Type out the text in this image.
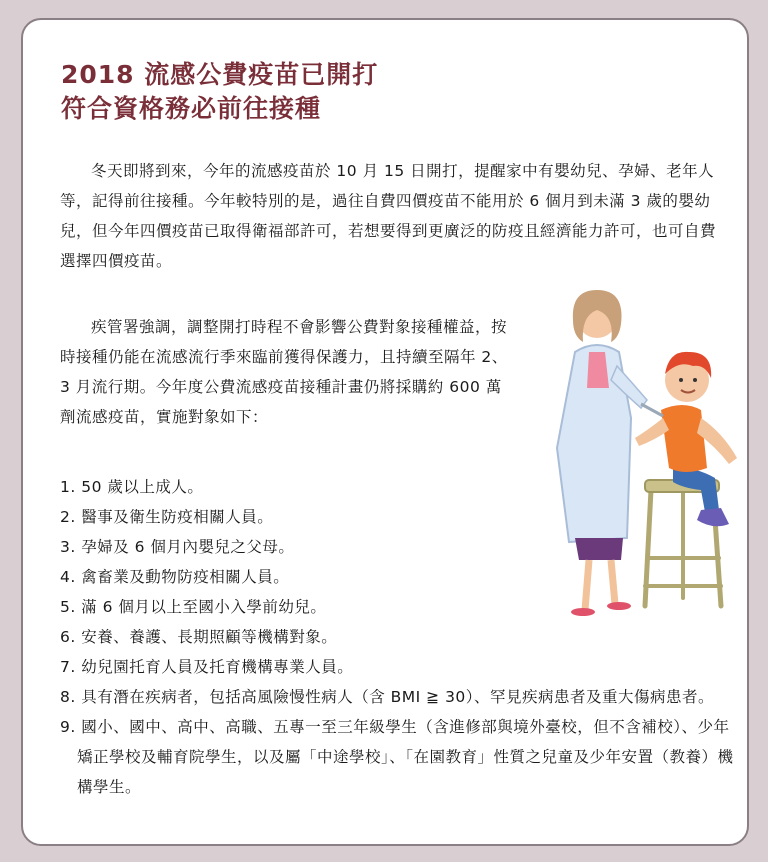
2018 流感公費疫苗已開打
符合資格務必前往接種

冬天即將到來，今年的流感疫苗於 10 月 15 日開打，提醒家中有嬰幼兒、孕婦、老年人等，記得前往接種。今年較特別的是，過往自費四價疫苗不能用於 6 個月到未滿 3 歲的嬰幼兒，但今年四價疫苗已取得衛福部許可，若想要得到更廣泛的防疫且經濟能力許可，也可自費選擇四價疫苗。

疾管署強調，調整開打時程不會影響公費對象接種權益，按時接種仍能在流感流行季來臨前獲得保護力，且持續至隔年 2、3 月流行期。今年度公費流感疫苗接種計畫仍將採購約 600 萬劑流感疫苗，實施對象如下：

1. 50 歲以上成人。
2. 醫事及衛生防疫相關人員。
3. 孕婦及 6 個月內嬰兒之父母。
4. 禽畜業及動物防疫相關人員。
5. 滿 6 個月以上至國小入學前幼兒。
6. 安養、養護、長期照顧等機構對象。
7. 幼兒園托育人員及托育機構專業人員。
8. 具有潛在疾病者，包括高風險慢性病人（含 BMI ≧ 30）、罕見疾病患者及重大傷病患者。
9. 國小、國中、高中、高職、五專一至三年級學生（含進修部與境外臺校，但不含補校）、少年矯正學校及輔育院學生，以及屬「中途學校」、「在園教育」性質之兒童及少年安置（教養）機構學生。
